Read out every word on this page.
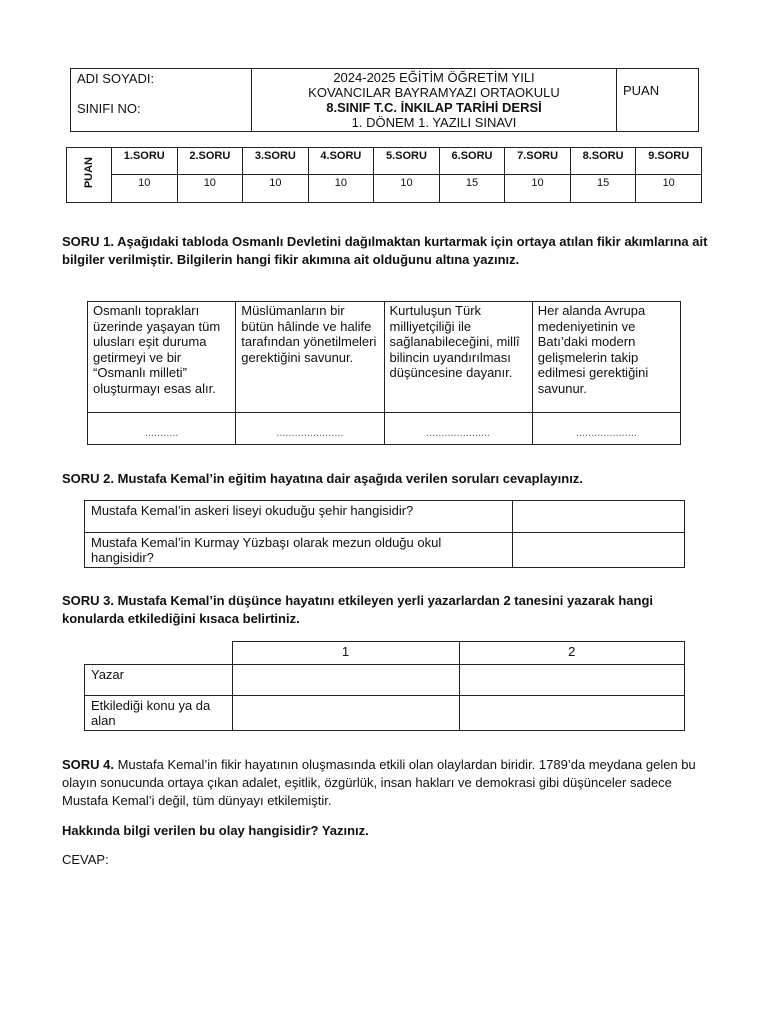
ADI SOYADI:
SINIFI NO:

2024-2025 EĞİTİM ÖĞRETİM YILI
KOVANCILAR BAYRAMYAZI ORTAOKULU
8.SINIF T.C. İNKILAP TARİHİ DERSİ
1. DÖNEM 1. YAZILI SINAVI
	PUAN
PUAN	1.SORU	2.SORU	3.SORU	4.SORU	5.SORU	6.SORU	7.SORU	8.SORU	9.SORU
	10	10	10	10	10	15	10	15	10
SORU 1. Aşağıdaki tabloda Osmanlı Devletini dağılmaktan kurtarmak için ortaya atılan fikir akımlarına ait bilgiler verilmiştir. Bilgilerin hangi fikir akımına ait olduğunu altına yazınız.
Osmanlı toprakları üzerinde yaşayan tüm ulusları eşit duruma getirmeyi ve bir “Osmanlı milleti” oluşturmayı esas alır.	Müslümanların bir bütün hâlinde ve halife tarafından yönetilmeleri gerektiğini savunur.	Kurtuluşun Türk milliyetçiliği ile sağlanabileceğini, millî bilincin uyandırılması düşüncesine dayanır.	Her alanda Avrupa medeniyetinin ve Batı’daki modern gelişmelerin takip edilmesi gerektiğini savunur.

...........	......................	.....................	....................
SORU 2. Mustafa Kemal’in eğitim hayatına dair aşağıda verilen soruları cevaplayınız.
Mustafa Kemal’in askeri liseyi okuduğu şehir hangisidir?	
Mustafa Kemal’in Kurmay Yüzbaşı olarak mezun olduğu okul hangisidir?	
SORU 3. Mustafa Kemal’in düşünce hayatını etkileyen yerli yazarlardan 2 tanesini yazarak hangi konularda etkilediğini kısaca belirtiniz.
	1	2
Yazar		
Etkilediği konu ya da alan		
SORU 4. Mustafa Kemal’in fikir hayatının oluşmasında etkili olan olaylardan biridir. 1789’da meydana gelen bu olayın sonucunda ortaya çıkan adalet, eşitlik, özgürlük, insan hakları ve demokrasi gibi düşünceler sadece Mustafa Kemal’i değil, tüm dünyayı etkilemiştir.
Hakkında bilgi verilen bu olay hangisidir? Yazınız.
CEVAP:
